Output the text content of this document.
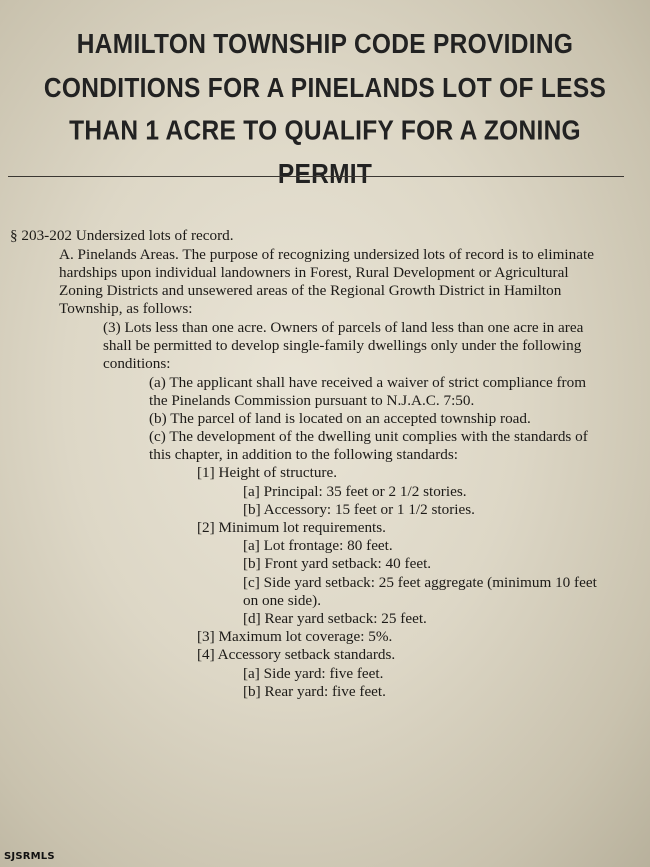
HAMILTON TOWNSHIP CODE PROVIDING
CONDITIONS FOR A PINELANDS LOT OF LESS
THAN 1 ACRE TO QUALIFY FOR A ZONING
PERMIT
§ 203-202 Undersized lots of record.
A. Pinelands Areas. The purpose of recognizing undersized lots of record is to eliminate
hardships upon individual landowners in Forest, Rural Development or Agricultural
Zoning Districts and unsewered areas of the Regional Growth District in Hamilton
Township, as follows:
(3) Lots less than one acre. Owners of parcels of land less than one acre in area
shall be permitted to develop single-family dwellings only under the following
conditions:
(a) The applicant shall have received a waiver of strict compliance from
the Pinelands Commission pursuant to N.J.A.C. 7:50.
(b) The parcel of land is located on an accepted township road.
(c) The development of the dwelling unit complies with the standards of
this chapter, in addition to the following standards:
[1] Height of structure.
[a] Principal: 35 feet or 2 1/2 stories.
[b] Accessory: 15 feet or 1 1/2 stories.
[2] Minimum lot requirements.
[a] Lot frontage: 80 feet.
[b] Front yard setback: 40 feet.
[c] Side yard setback: 25 feet aggregate (minimum 10 feet
on one side).
[d] Rear yard setback: 25 feet.
[3] Maximum lot coverage: 5%.
[4] Accessory setback standards.
[a] Side yard: five feet.
[b] Rear yard: five feet.
SJSRMLS
